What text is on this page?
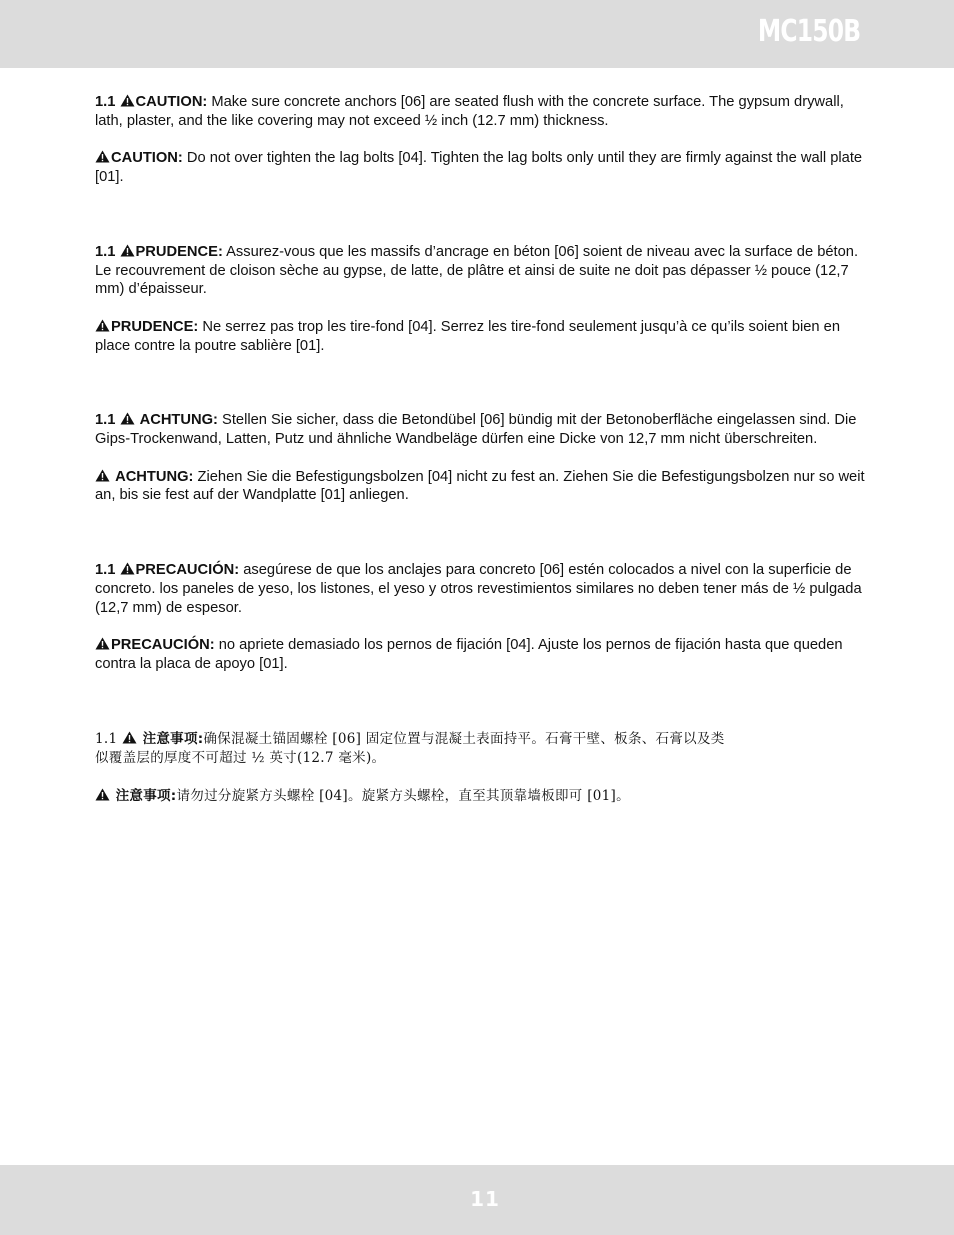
MC150B

1.1 CAUTION: Make sure concrete anchors [06] are seated flush with the concrete surface. The gypsum drywall, lath, plaster, and the like covering may not exceed ½ inch (12.7 mm) thickness.

CAUTION: Do not over tighten the lag bolts [04]. Tighten the lag bolts only until they are firmly against the wall plate [01].

1.1 PRUDENCE: Assurez-vous que les massifs d’ancrage en béton [06] soient de niveau avec la surface de béton. Le recouvrement de cloison sèche au gypse, de latte, de plâtre et ainsi de suite ne doit pas dépasser ½ pouce (12,7 mm) d’épaisseur.

PRUDENCE: Ne serrez pas trop les tire-fond [04]. Serrez les tire-fond seulement jusqu’à ce qu’ils soient bien en place contre la poutre sablière [01].

1.1 ACHTUNG: Stellen Sie sicher, dass die Betondübel [06] bündig mit der Betonoberfläche eingelassen sind. Die Gips-Trockenwand, Latten, Putz und ähnliche Wandbeläge dürfen eine Dicke von 12,7 mm nicht überschreiten.

ACHTUNG: Ziehen Sie die Befestigungsbolzen [04] nicht zu fest an. Ziehen Sie die Befestigungsbolzen nur so weit an, bis sie fest auf der Wandplatte [01] anliegen.

1.1 PRECAUCIÓN: asegúrese de que los anclajes para concreto [06] estén colocados a nivel con la superficie de concreto. los paneles de yeso, los listones, el yeso y otros revestimientos similares no deben tener más de ½ pulgada (12,7 mm) de espesor.

PRECAUCIÓN: no apriete demasiado los pernos de fijación [04]. Ajuste los pernos de fijación hasta que queden contra la placa de apoyo [01].

1.1 注意事项:确保混凝土锚固螺栓 [06] 固定位置与混凝土表面持平。石膏干壁、板条、石膏以及类似覆盖层的厚度不可超过 ½ 英寸(12.7 毫米)。

注意事项:请勿过分旋紧方头螺栓 [04]。旋紧方头螺栓，直至其顶靠墙板即可 [01]。

11
